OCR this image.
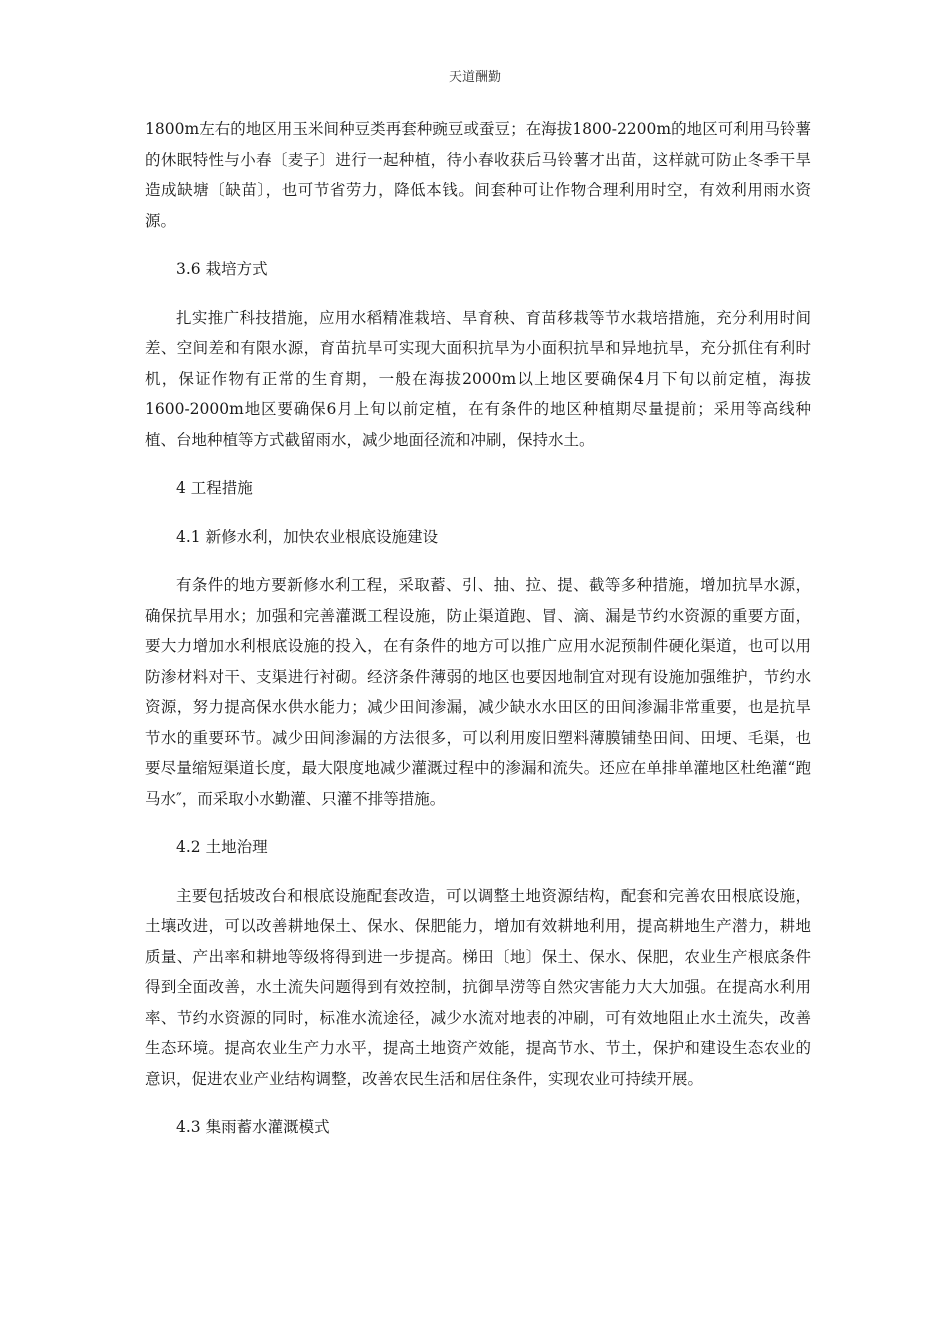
天道酬勤

1800m左右的地区用玉米间种豆类再套种豌豆或蚕豆；在海拔1800-2200m的地区可利用马铃薯的休眠特性与小春〔麦子〕进行一起种植，待小春收获后马铃薯才出苗，这样就可防止冬季干旱造成缺塘〔缺苗〕，也可节省劳力，降低本钱。间套种可让作物合理利用时空，有效利用雨水资源。

3.6 栽培方式

扎实推广科技措施，应用水稻精准栽培、旱育秧、育苗移栽等节水栽培措施，充分利用时间差、空间差和有限水源，育苗抗旱可实现大面积抗旱为小面积抗旱和异地抗旱，充分抓住有利时机，保证作物有正常的生育期，一般在海拔2000m以上地区要确保4月下旬以前定植，海拔1600-2000m地区要确保6月上旬以前定植，在有条件的地区种植期尽量提前；采用等高线种植、台地种植等方式截留雨水，减少地面径流和冲刷，保持水土。

4 工程措施

4.1 新修水利，加快农业根底设施建设

有条件的地方要新修水利工程，采取蓄、引、抽、拉、提、截等多种措施，增加抗旱水源，确保抗旱用水；加强和完善灌溉工程设施，防止渠道跑、冒、滴、漏是节约水资源的重要方面，要大力增加水利根底设施的投入，在有条件的地方可以推广应用水泥预制件硬化渠道，也可以用防渗材料对干、支渠进行衬砌。经济条件薄弱的地区也要因地制宜对现有设施加强维护，节约水资源，努力提高保水供水能力；减少田间渗漏，减少缺水水田区的田间渗漏非常重要，也是抗旱节水的重要环节。减少田间渗漏的方法很多，可以利用废旧塑料薄膜铺垫田间、田埂、毛渠，也要尽量缩短渠道长度，最大限度地减少灌溉过程中的渗漏和流失。还应在单排单灌地区杜绝灌“跑马水″，而采取小水勤灌、只灌不排等措施。

4.2 土地治理

主要包括坡改台和根底设施配套改造，可以调整土地资源结构，配套和完善农田根底设施，土壤改进，可以改善耕地保土、保水、保肥能力，增加有效耕地利用，提高耕地生产潜力，耕地质量、产出率和耕地等级将得到进一步提高。梯田〔地〕保土、保水、保肥，农业生产根底条件得到全面改善，水土流失问题得到有效控制，抗御旱涝等自然灾害能力大大加强。在提高水利用率、节约水资源的同时，标准水流途径，减少水流对地表的冲刷，可有效地阻止水土流失，改善生态环境。提高农业生产力水平，提高土地资产效能，提高节水、节土，保护和建设生态农业的意识，促进农业产业结构调整，改善农民生活和居住条件，实现农业可持续开展。

4.3 集雨蓄水灌溉模式
